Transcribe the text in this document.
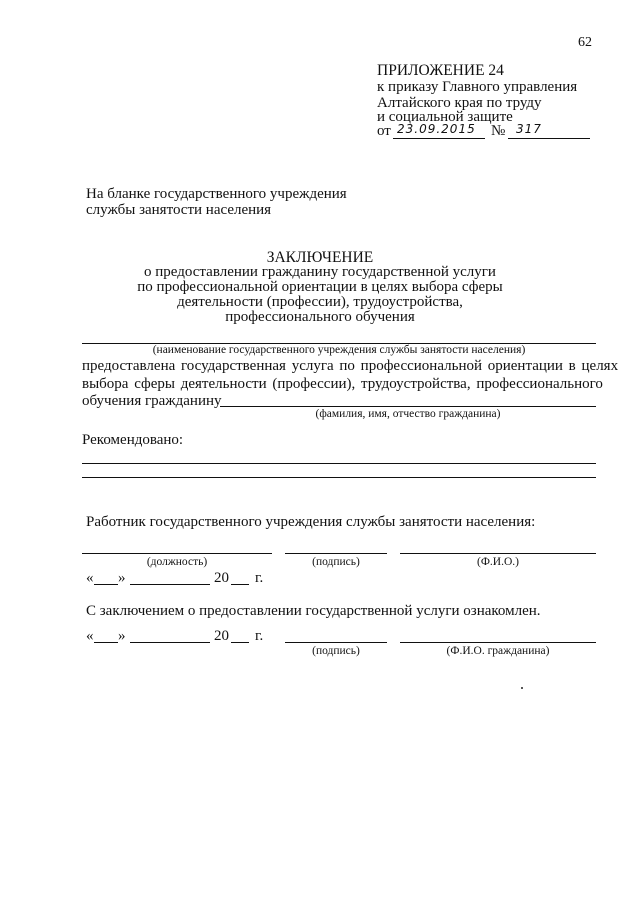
62
ПРИЛОЖЕНИЕ 24
к приказу Главного управления
Алтайского края по труду
и социальной защите
от 23.09.2015 № 317
На бланке государственного учреждения
службы занятости населения
ЗАКЛЮЧЕНИЕ
о предоставлении гражданину государственной услуги
по профессиональной ориентации в целях выбора сферы
деятельности (профессии), трудоустройства,
профессионального обучения
(наименование государственного учреждения службы занятости населения)
предоставлена государственная услуга по профессиональной ориентации в целях
выбора сферы деятельности (профессии), трудоустройства, профессионального
обучения гражданину
(фамилия, имя, отчество гражданина)
Рекомендовано:
Работник государственного учреждения службы занятости населения:
(должность)	(подпись)	(Ф.И.О.)
« »	20 г.
С заключением о предоставлении государственной услуги ознакомлен.
« »	20 г.
(подпись)	(Ф.И.О. гражданина)
